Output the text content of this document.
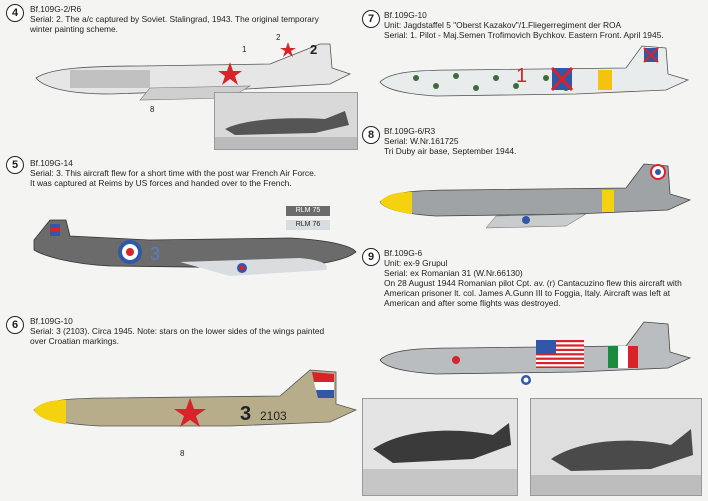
4	Bf.109G-2/R6
Serial: 2. The a/c captured by Soviet. Stalingrad, 1943. The original temporary
winter painting scheme.
2
1
2
8
5	Bf.109G-14
Serial: 3. This aircraft flew for a short time with the post war French Air Force.
It was captured at Reims by US forces and handed over to the French.
RLM 75
RLM 76
3
6	Bf.109G-10
Serial: 3 (2103). Circa 1945. Note: stars on the lower sides of the wings painted
over Croatian markings.
3 2103
8
7	Bf.109G-10
Unit: Jagdstaffel 5 "Oberst Kazakov"/1.Fliegerregiment der ROA
Serial: 1. Pilot - Maj.Semen Trofimovich Bychkov. Eastern Front. April 1945.
1
8	Bf.109G-6/R3
Serial: W.Nr.161725
Tri Duby air base, September 1944.
9	Bf.109G-6
Unit: ex-9 Grupul
Serial: ex Romanian 31 (W.Nr.66130)
On 28 August 1944 Romanian pilot Cpt. av. (r) Cantacuzino flew this aircraft with
American prisoner lt. col. James A.Gunn III to Foggia, Italy. Aircraft was left at
American and after some flights was destroyed.
